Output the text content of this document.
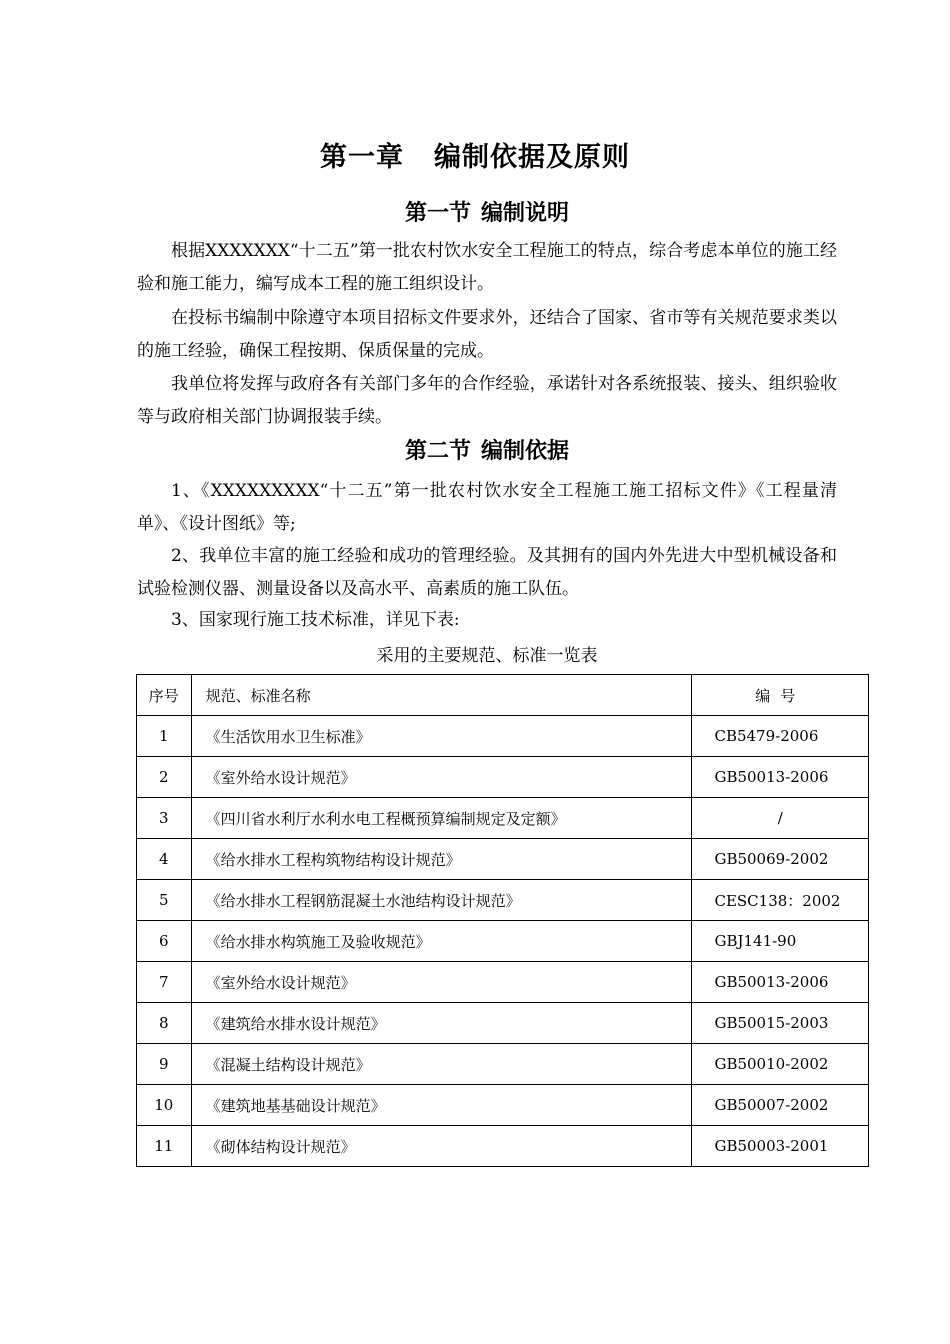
第一章 编制依据及原则
第一节 编制说明

根据XXXXXXX“十二五”第一批农村饮水安全工程施工的特点，综合考虑本单位的施工经验和施工能力，编写成本工程的施工组织设计。

在投标书编制中除遵守本项目招标文件要求外，还结合了国家、省市等有关规范要求类以的施工经验，确保工程按期、保质保量的完成。

我单位将发挥与政府各有关部门多年的合作经验，承诺针对各系统报装、接头、组织验收等与政府相关部门协调报装手续。

第二节 编制依据

1、《XXXXXXXXX“十二五”第一批农村饮水安全工程施工施工招标文件》《工程量清单》、《设计图纸》等;

2、我单位丰富的施工经验和成功的管理经验。及其拥有的国内外先进大中型机械设备和试验检测仪器、测量设备以及高水平、高素质的施工队伍。

3、国家现行施工技术标准，详见下表:

采用的主要规范、标准一览表
序号	规范、标准名称	编号
1	《生活饮用水卫生标准》	CB5479-2006
2	《室外给水设计规范》	GB50013-2006
3	《四川省水利厅水利水电工程概预算编制规定及定额》	/
4	《给水排水工程构筑物结构设计规范》	GB50069-2002
5	《给水排水工程钢筋混凝土水池结构设计规范》	CESC138：2002
6	《给水排水构筑施工及验收规范》	GBJ141-90
7	《室外给水设计规范》	GB50013-2006
8	《建筑给水排水设计规范》	GB50015-2003
9	《混凝土结构设计规范》	GB50010-2002
10	《建筑地基基础设计规范》	GB50007-2002
11	《砌体结构设计规范》	GB50003-2001
